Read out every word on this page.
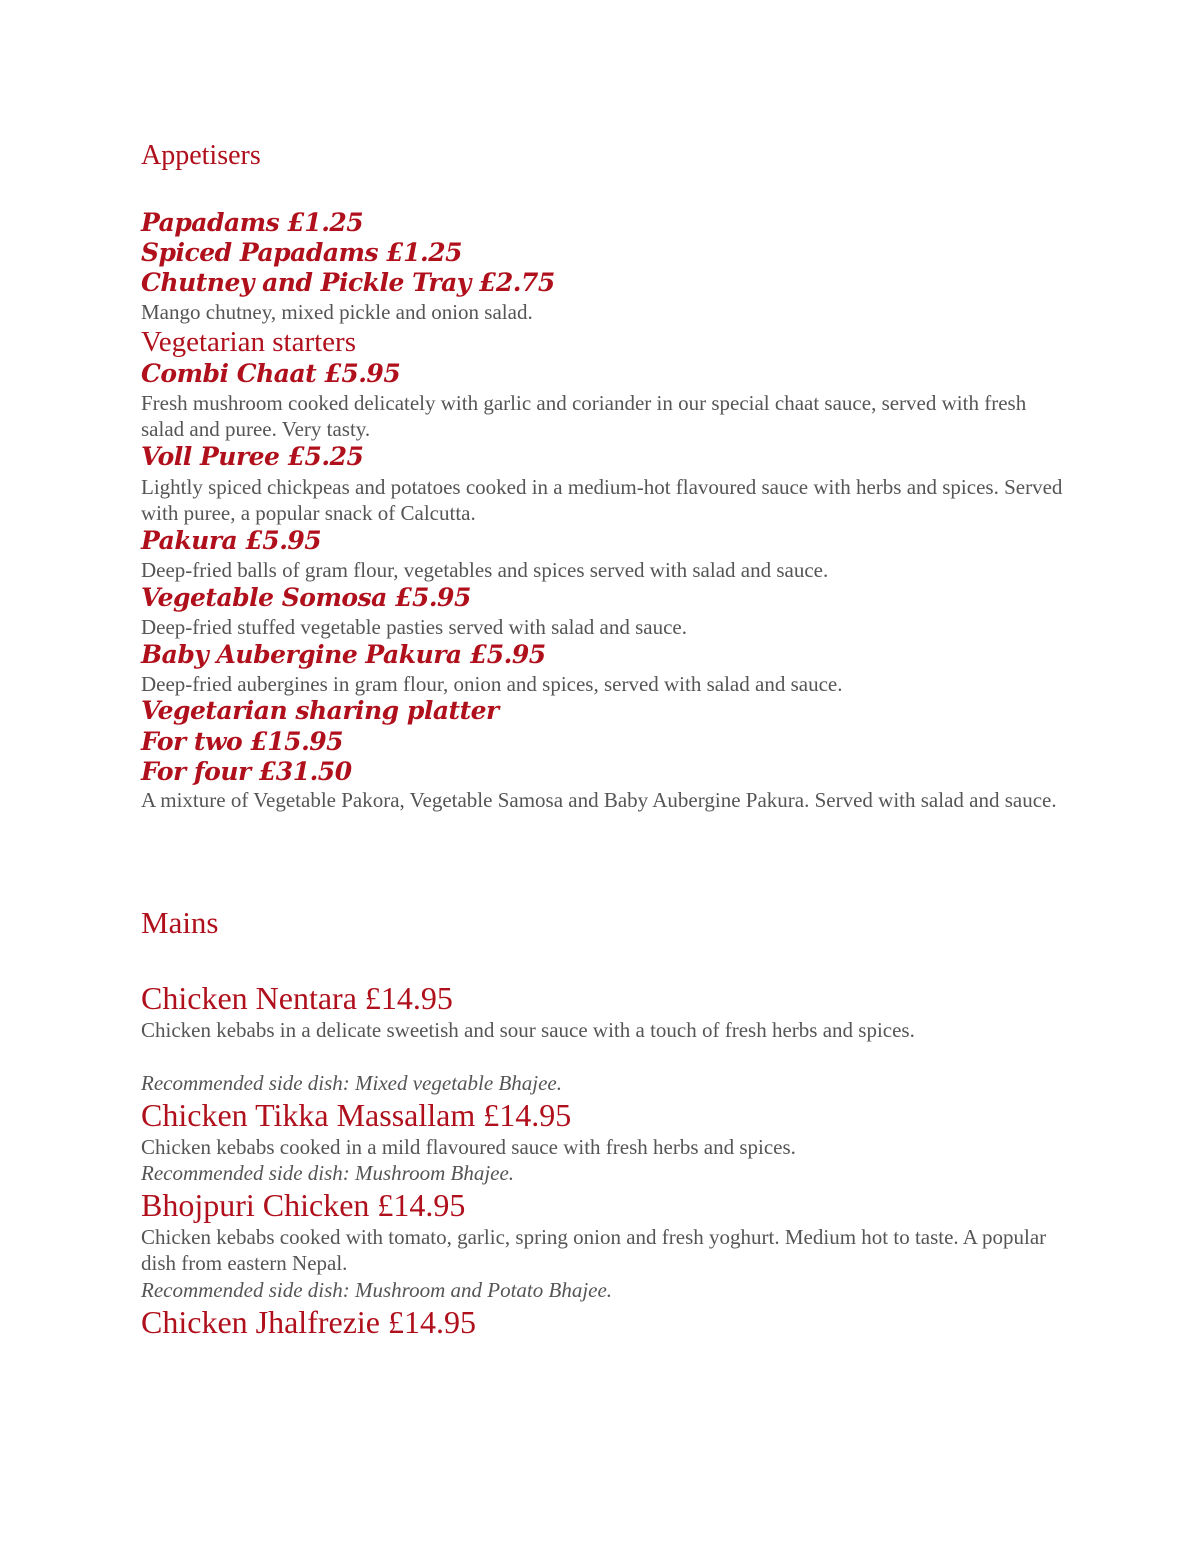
Appetisers
Papadams £1.25
Spiced Papadams £1.25
Chutney and Pickle Tray £2.75
Mango chutney, mixed pickle and onion salad.
Vegetarian starters
Combi Chaat £5.95
Fresh mushroom cooked delicately with garlic and coriander in our special chaat sauce, served with fresh salad and puree. Very tasty.
Voll Puree £5.25
Lightly spiced chickpeas and potatoes cooked in a medium-hot flavoured sauce with herbs and spices. Served with puree, a popular snack of Calcutta.
Pakura £5.95
Deep-fried balls of gram flour, vegetables and spices served with salad and sauce.
Vegetable Somosa £5.95
Deep-fried stuffed vegetable pasties served with salad and sauce.
Baby Aubergine Pakura £5.95
Deep-fried aubergines in gram flour, onion and spices, served with salad and sauce.
Vegetarian sharing platter
For two £15.95
For four £31.50
A mixture of Vegetable Pakora, Vegetable Samosa and Baby Aubergine Pakura. Served with salad and sauce.
Mains
Chicken Nentara £14.95
Chicken kebabs in a delicate sweetish and sour sauce with a touch of fresh herbs and spices.
Recommended side dish: Mixed vegetable Bhajee.
Chicken Tikka Massallam £14.95
Chicken kebabs cooked in a mild flavoured sauce with fresh herbs and spices.
Recommended side dish: Mushroom Bhajee.
Bhojpuri Chicken £14.95
Chicken kebabs cooked with tomato, garlic, spring onion and fresh yoghurt. Medium hot to taste. A popular dish from eastern Nepal.
Recommended side dish: Mushroom and Potato Bhajee.
Chicken Jhalfrezie £14.95
